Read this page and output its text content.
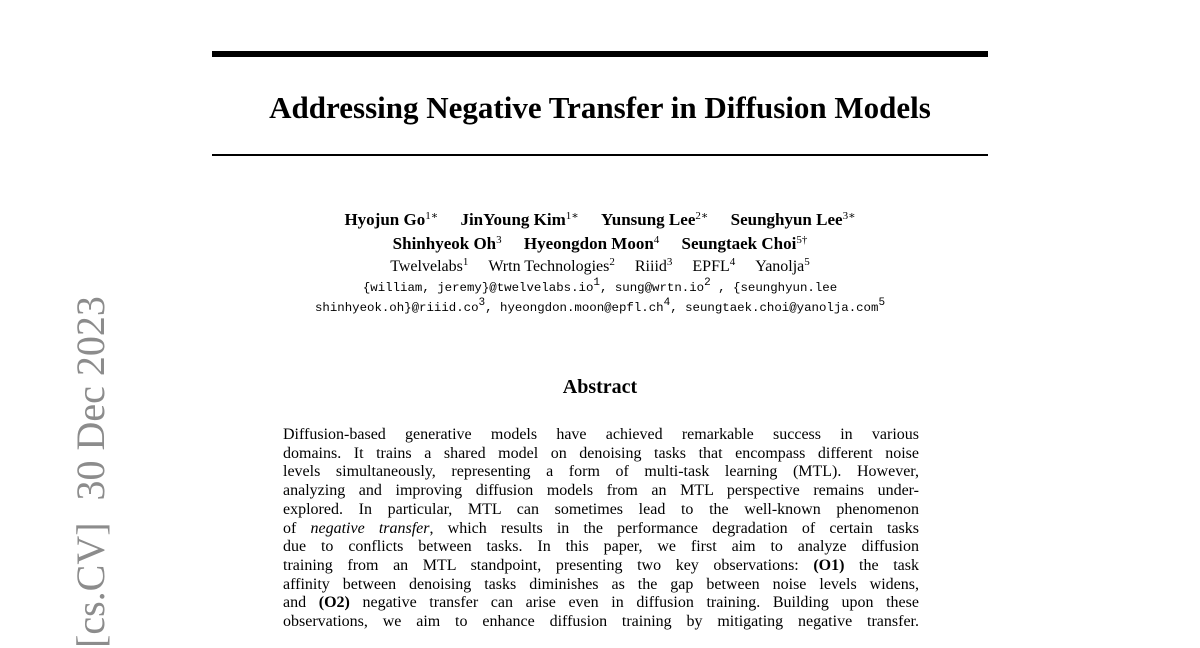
[cs.CV]30 Dec 2023
Addressing Negative Transfer in Diffusion Models
Hyojun $Go^{1∗}$ JinYoung Kim$^{1∗}$ Yunsung Lee$^{2∗}$ Seunghyun Lee$^{3∗}$
Shinhyeok Oh$^3$ Hyeongdon Moon$^4$ Seungtaek Choi$^{5\dagger}$
Twelvelabs$^1$ Wrtn Technologies$^2$ Riiid$^3$ EPFL$^4$ Yanolja$^5$
{william, $jeremy\}@twelvelabs.io^1$, $sung@wrtn.io^2$ , {seunghyun.lee
$shinhyeok.oh\}@riiid.co^3$, $hyeongdon.moon@epfl.ch^4$, seungtaek.choi@yanolja.com$^5$
Abstract
Diffusion-based generative models have achieved remarkable success in various
domains. It trains a shared model on denoising tasks that encompass different noise
levels simultaneously, representing a form of multi-task learning (MTL). However,
analyzing and improving diffusion models from an MTL perspective remains under-
explored. In particular, MTL can sometimes lead to the well-known phenomenon
of negative transfer, which results in the performance degradation of certain tasks
due to conflicts between tasks. In this paper, we first aim to analyze diffusion
training from an MTL standpoint, presenting two key observations: (O1) the task
affinity between denoising tasks diminishes as the gap between noise levels widens,
and (O2) negative transfer can arise even in diffusion training. Building upon these
observations, we aim to enhance diffusion training by mitigating negative transfer.
